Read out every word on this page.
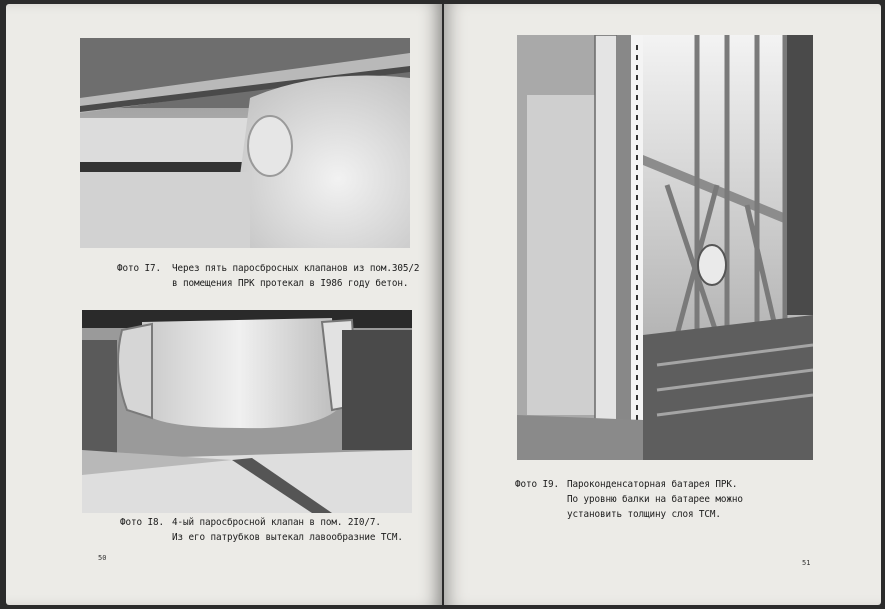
Фото I7. Через пять паросбросных клапанов из пом.305/2
в помещения ПРК протекал в I986 году бетон.
Фото I8. 4-ый паросбросной клапан в пом. 2I0/7.
Из его патрубков вытекал лавообразние ТСМ.
50
Фото I9. Пароконденсаторная батарея ПРК.
По уровню балки на батарее можно
установить толщину слоя ТСМ.
51
